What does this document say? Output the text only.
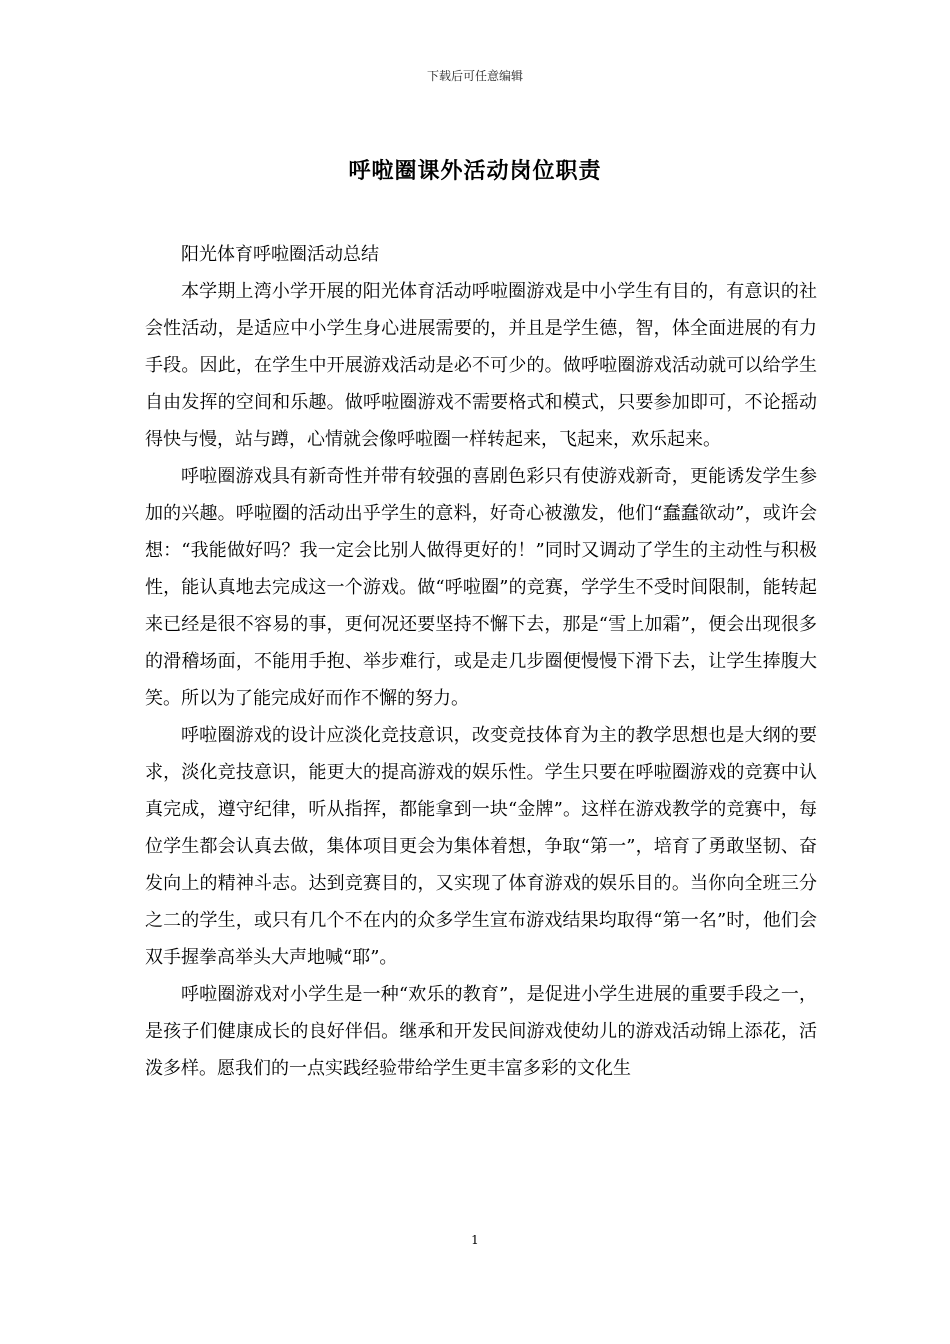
下载后可任意编辑
呼啦圈课外活动岗位职责

阳光体育呼啦圈活动总结

本学期上湾小学开展的阳光体育活动呼啦圈游戏是中小学生有目的，有意识的社会性活动，是适应中小学生身心进展需要的，并且是学生德，智，体全面进展的有力手段。因此，在学生中开展游戏活动是必不可少的。做呼啦圈游戏活动就可以给学生自由发挥的空间和乐趣。做呼啦圈游戏不需要格式和模式，只要参加即可，不论摇动得快与慢，站与蹲，心情就会像呼啦圈一样转起来，飞起来，欢乐起来。

呼啦圈游戏具有新奇性并带有较强的喜剧色彩只有使游戏新奇，更能诱发学生参加的兴趣。呼啦圈的活动出乎学生的意料，好奇心被激发，他们“蠢蠢欲动”，或许会想：“我能做好吗？我一定会比别人做得更好的！”同时又调动了学生的主动性与积极性，能认真地去完成这一个游戏。做“呼啦圈”的竞赛，学学生不受时间限制，能转起来已经是很不容易的事，更何况还要坚持不懈下去，那是“雪上加霜”，便会出现很多的滑稽场面，不能用手抱、举步难行，或是走几步圈便慢慢下滑下去，让学生捧腹大笑。所以为了能完成好而作不懈的努力。

呼啦圈游戏的设计应淡化竞技意识，改变竞技体育为主的教学思想也是大纲的要求，淡化竞技意识，能更大的提高游戏的娱乐性。学生只要在呼啦圈游戏的竞赛中认真完成，遵守纪律，听从指挥，都能拿到一块“金牌”。这样在游戏教学的竞赛中，每位学生都会认真去做，集体项目更会为集体着想，争取“第一”，培育了勇敢坚韧、奋发向上的精神斗志。达到竞赛目的，又实现了体育游戏的娱乐目的。当你向全班三分之二的学生，或只有几个不在内的众多学生宣布游戏结果均取得“第一名”时，他们会双手握拳高举头大声地喊“耶”。

呼啦圈游戏对小学生是一种“欢乐的教育”，是促进小学生进展的重要手段之一，是孩子们健康成长的良好伴侣。继承和开发民间游戏使幼儿的游戏活动锦上添花，活泼多样。愿我们的一点实践经验带给学生更丰富多彩的文化生

1
